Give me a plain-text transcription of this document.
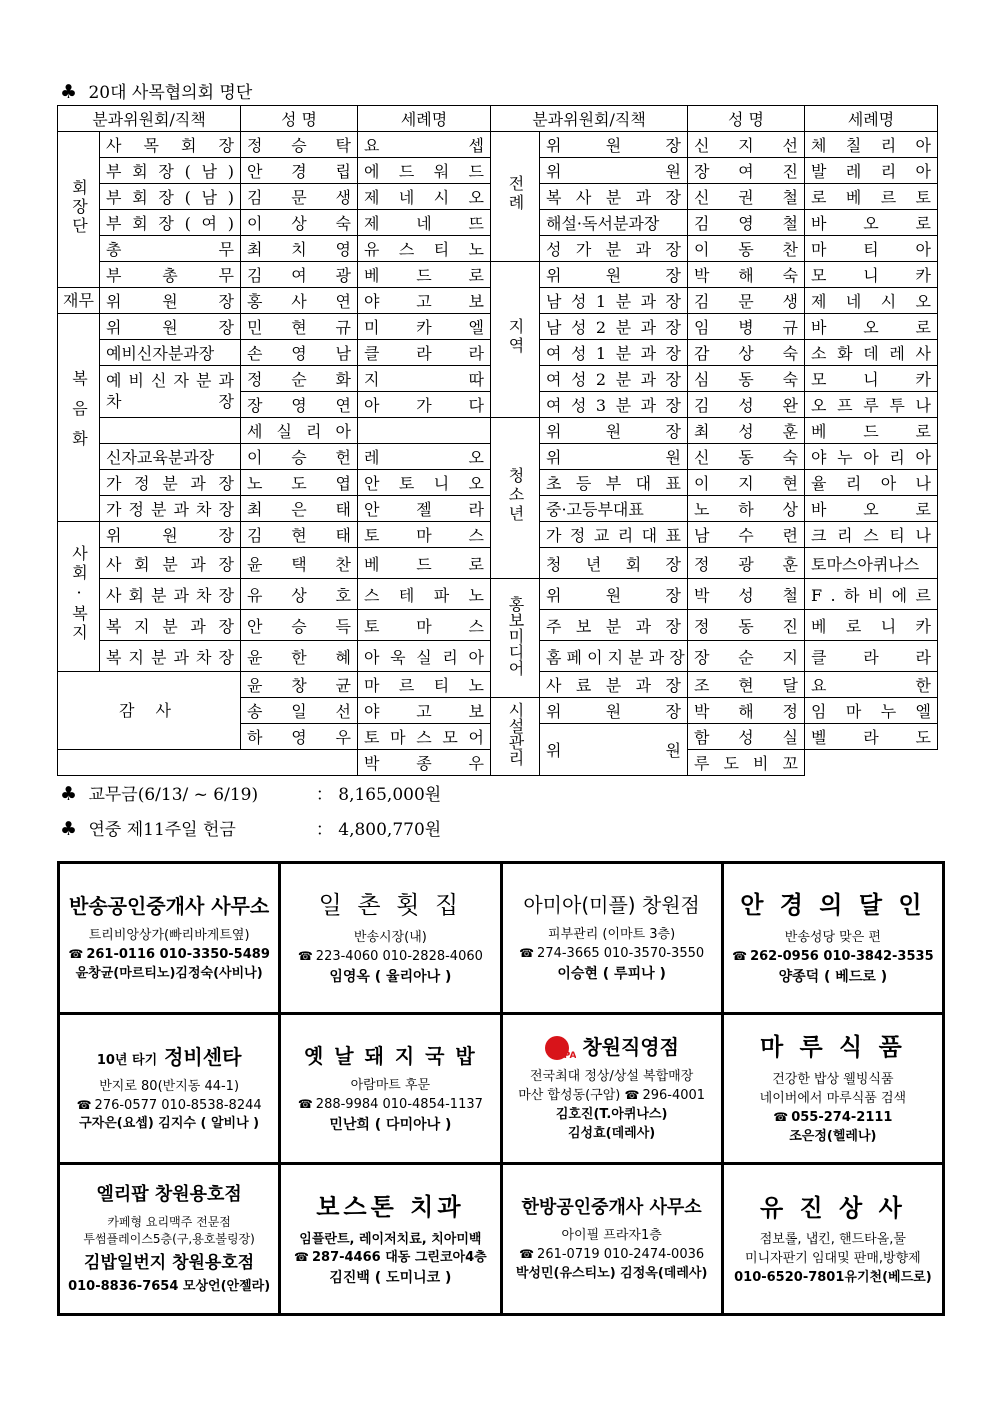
♣ 20대 사목협의회 명단
분과위원회/직책		성 명	세례명	분과위원회/직책		성 명	세례명
회장단	사 목 회 장	정 승 탁	요 셉	전례	위 원 장	신 지 선	체 칠 리 아
	부 회 장 ( 남 )	안 경 립	에 드 워 드		위 원	장 여 진	발 레 리 아
	부 회 장 ( 남 )	김 문 생	제 네 시 오		복 사 분 과 장	신 권 철	로 베 르 토
	부 회 장 ( 여 )	이 상 숙	제 네 뜨		해설·독서분과장	김 영 철	바 오 로
	총 무	최 치 영	유 스 티 노		성 가 분 과 장	이 동 찬	마 티 아
	부 총 무	김 여 광	베 드 로	지역	위 원 장	박 해 숙	모 니 카
재무	위 원 장	홍 사 연	야 고 보		남 성 1 분 과 장	김 문 생	제 네 시 오
복음화	위 원 장	민 현 규	미 카 엘		남 성 2 분 과 장	임 병 규	바 오 로
	예비신자분과장	손 영 남	클 라 라		여 성 1 분 과 장	감 상 숙	소 화 데 레 사
	예 비 신 자 분 과 차 장	정 순 화	지 따		여 성 2 분 과 장	심 동 숙	모 니 카
		장 영 연	아 가 다		여 성 3 분 과 장	김 성 완	오 프 루 투 나
		세 실 리 아		청소년	위 원 장	최 성 훈	베 드 로
	신자교육분과장	이 승 헌	레 오		위 원	신 동 숙	야 누 아 리 아
	가 정 분 과 장	노 도 엽	안 토 니 오		초 등 부 대 표	이 지 현	율 리 아 나
	가 정 분 과 차 장	최 은 태	안 젤 라		중·고등부대표	노 하 상	바 오 로
사회·복지	위 원 장	김 현 태	토 마 스		가 정 교 리 대 표	남 수 련	크 리 스 티 나
	사 회 분 과 장	윤 택 찬	베 드 로		청 년 회 장	정 광 훈	토마스아퀴나스
	사 회 분 과 차 장	유 상 호	스 테 파 노	홍보미디어	위 원 장	박 성 철	F . 하 비 에 르
	복 지 분 과 장	안 승 득	토 마 스		주 보 분 과 장	정 동 진	베 로 니 카
	복 지 분 과 차 장	윤 한 혜	아 욱 실 리 아		홈 페 이 지 분 과 장	장 순 지	클 라 라
감 사		윤 창 균	마 르 티 노		사 료 분 과 장	조 현 달	요 한
		송 일 선	야 고 보	시설관리	위 원 장	박 해 정	임 마 누 엘
		하 영 우	토 마 스 모 어		위 원	함 성 실	벨 라 도
			박 종 우			루 도 비 꼬	
♣ 교무금(6/13/ ~ 6/19)	： 8,165,000원
♣ 연중 제11주일 헌금	： 4,800,770원
반송공인중개사 사무소
트리비앙상가(빠리바게트옆)
☎ 261-0116 010-3350-5489
윤창균(마르티노)김정숙(사비나)
일 촌 횟 집
반송시장(내)
☎ 223-4060 010-2828-4060
임영옥 ( 율리아나 )
아미아(미플) 창원점
피부관리 (이마트 3층)
☎ 274-3665 010-3570-3550
이승현 ( 루피나 )
안 경 의 달 인
반송성당 맞은 편
☎ 262-0956 010-3842-3535
양종덕 ( 베드로 )
10년 타기 정비센타
반지로 80(반지동 44-1)
☎ 276-0577 010-8538-8244
구자은(요셉) 김지수 ( 알비나 )
옛 날 돼 지 국 밥
아람마트 후문
☎ 288-9984 010-4854-1137
민난희 ( 다미아나 )
NEPA 창원직영점
전국최대 정상/상설 복합매장
마산 합성동(구암) ☎ 296-4001
김호진(T.아퀴나스)
김성효(데레사)
마 루 식 품
건강한 밥상 웰빙식품
네이버에서 마루식품 검색
☎ 055-274-2111
조은정(헬레나)
엘리팝 창원용호점
카페형 요리맥주 전문점
투썸플레이스5층(구,용호볼링장)
김밥일번지 창원용호점
010-8836-7654 모상언(안젤라)
보스톤 치과
임플란트, 레이저치료, 치아미백
☎ 287-4466 대동 그린코아4층
김진백 ( 도미니코 )
한방공인중개사 사무소
아이필 프라자1층
☎ 261-0719 010-2474-0036
박성민(유스티노) 김정옥(데레사)
유 진 상 사
점보롤, 냅킨, 핸드타올,물
미니자판기 임대및 판매,방향제
010-6520-7801유기천(베드로)
